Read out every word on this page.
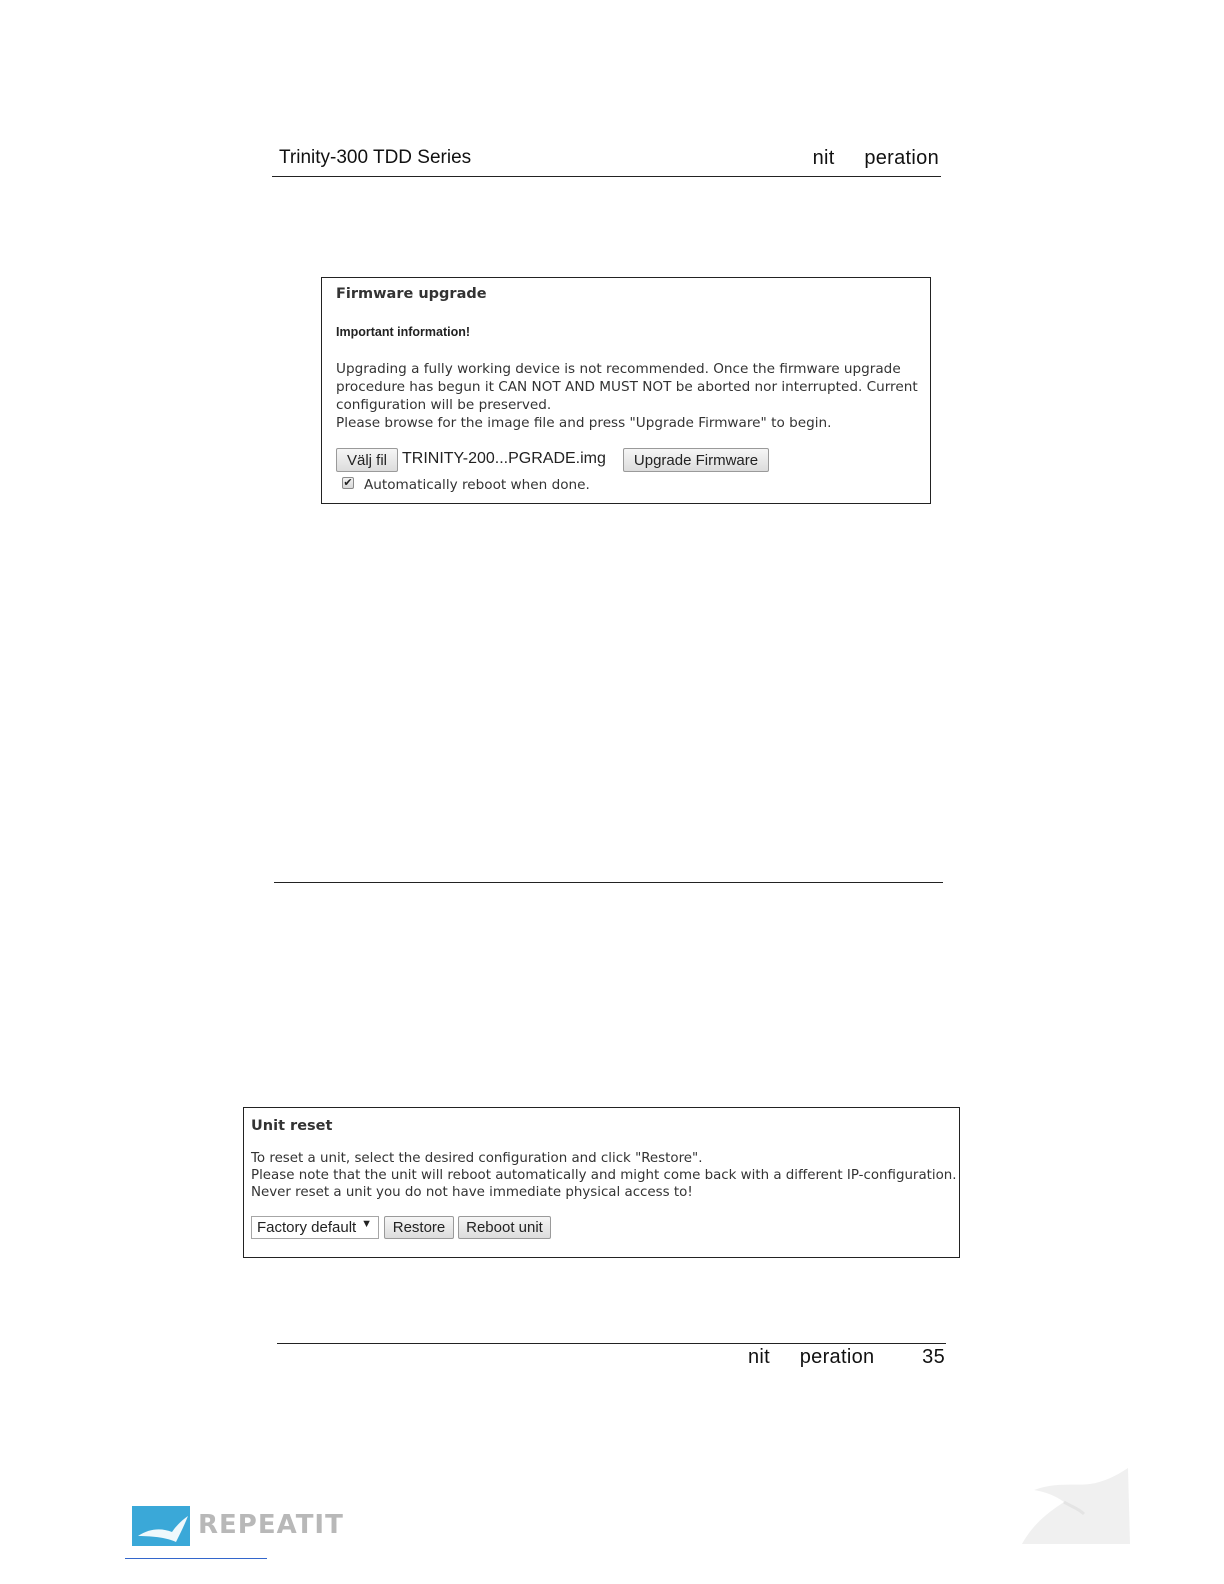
Trinity-300 TDD Series	nit peration
Firmware upgrade
Important information!
Upgrading a fully working device is not recommended. Once the firmware upgrade
procedure has begun it CAN NOT AND MUST NOT be aborted nor interrupted. Current
configuration will be preserved.
Please browse for the image file and press "Upgrade Firmware" to begin.
Välj fil TRINITY-200...PGRADE.img	Upgrade Firmware
✔ Automatically reboot when done.
Unit reset
To reset a unit, select the desired configuration and click "Restore".
Please note that the unit will reboot automatically and might come back with a different IP-configuration.
Never reset a unit you do not have immediate physical access to!
Factory default ▼	Restore	Reboot unit
nit peration 35
REPEATIT
